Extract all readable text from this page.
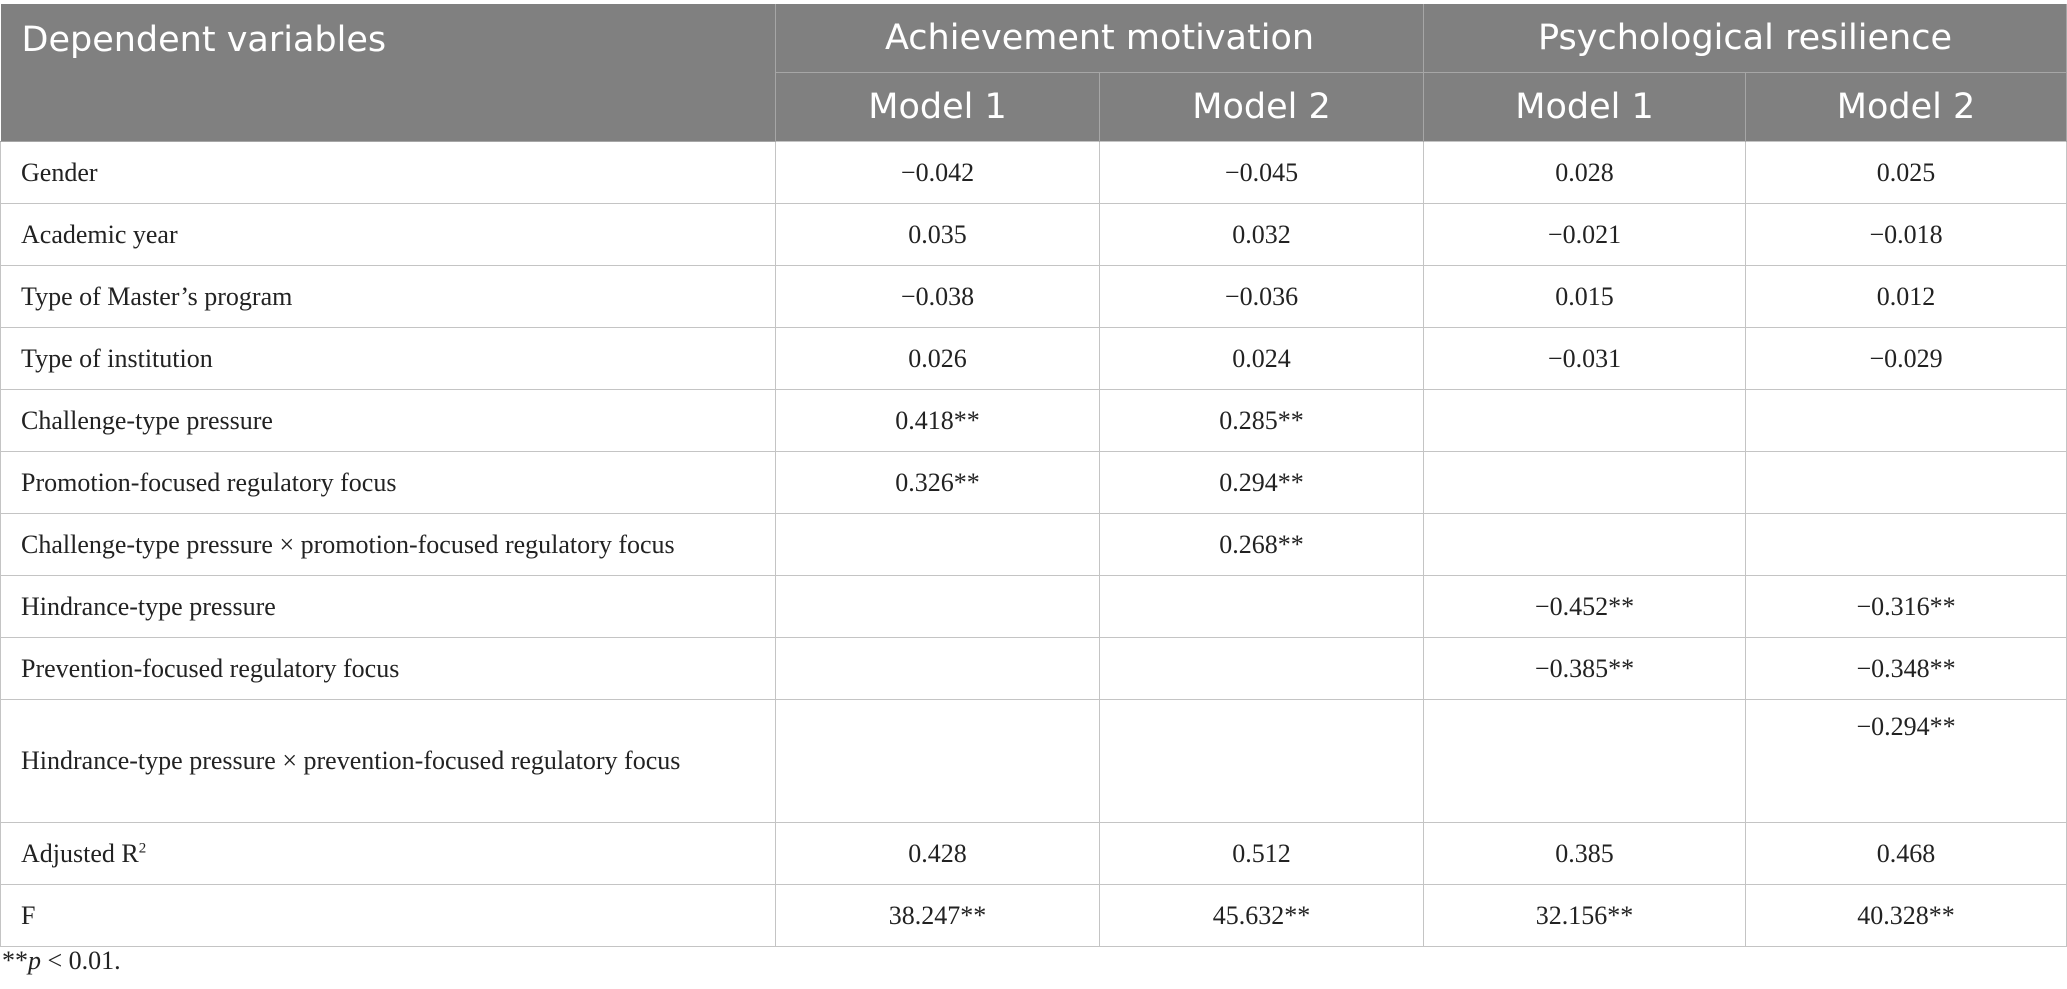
Dependent variables	Achievement motivation		Psychological resilience	
	Model 1	Model 2	Model 1	Model 2
Gender	−0.042	−0.045	0.028	0.025
Academic year	0.035	0.032	−0.021	−0.018
Type of Master’s program	−0.038	−0.036	0.015	0.012
Type of institution	0.026	0.024	−0.031	−0.029
Challenge-type pressure	0.418**	0.285**		
Promotion-focused regulatory focus	0.326**	0.294**		
Challenge-type pressure × promotion-focused regulatory focus		0.268**		
Hindrance-type pressure			−0.452**	−0.316**
Prevention-focused regulatory focus			−0.385**	−0.348**
Hindrance-type pressure × prevention-focused regulatory focus				−0.294**
Adjusted $R^2$	0.428	0.512	0.385	0.468
F	38.247**	45.632**	32.156**	40.328**
**p < 0.01.
